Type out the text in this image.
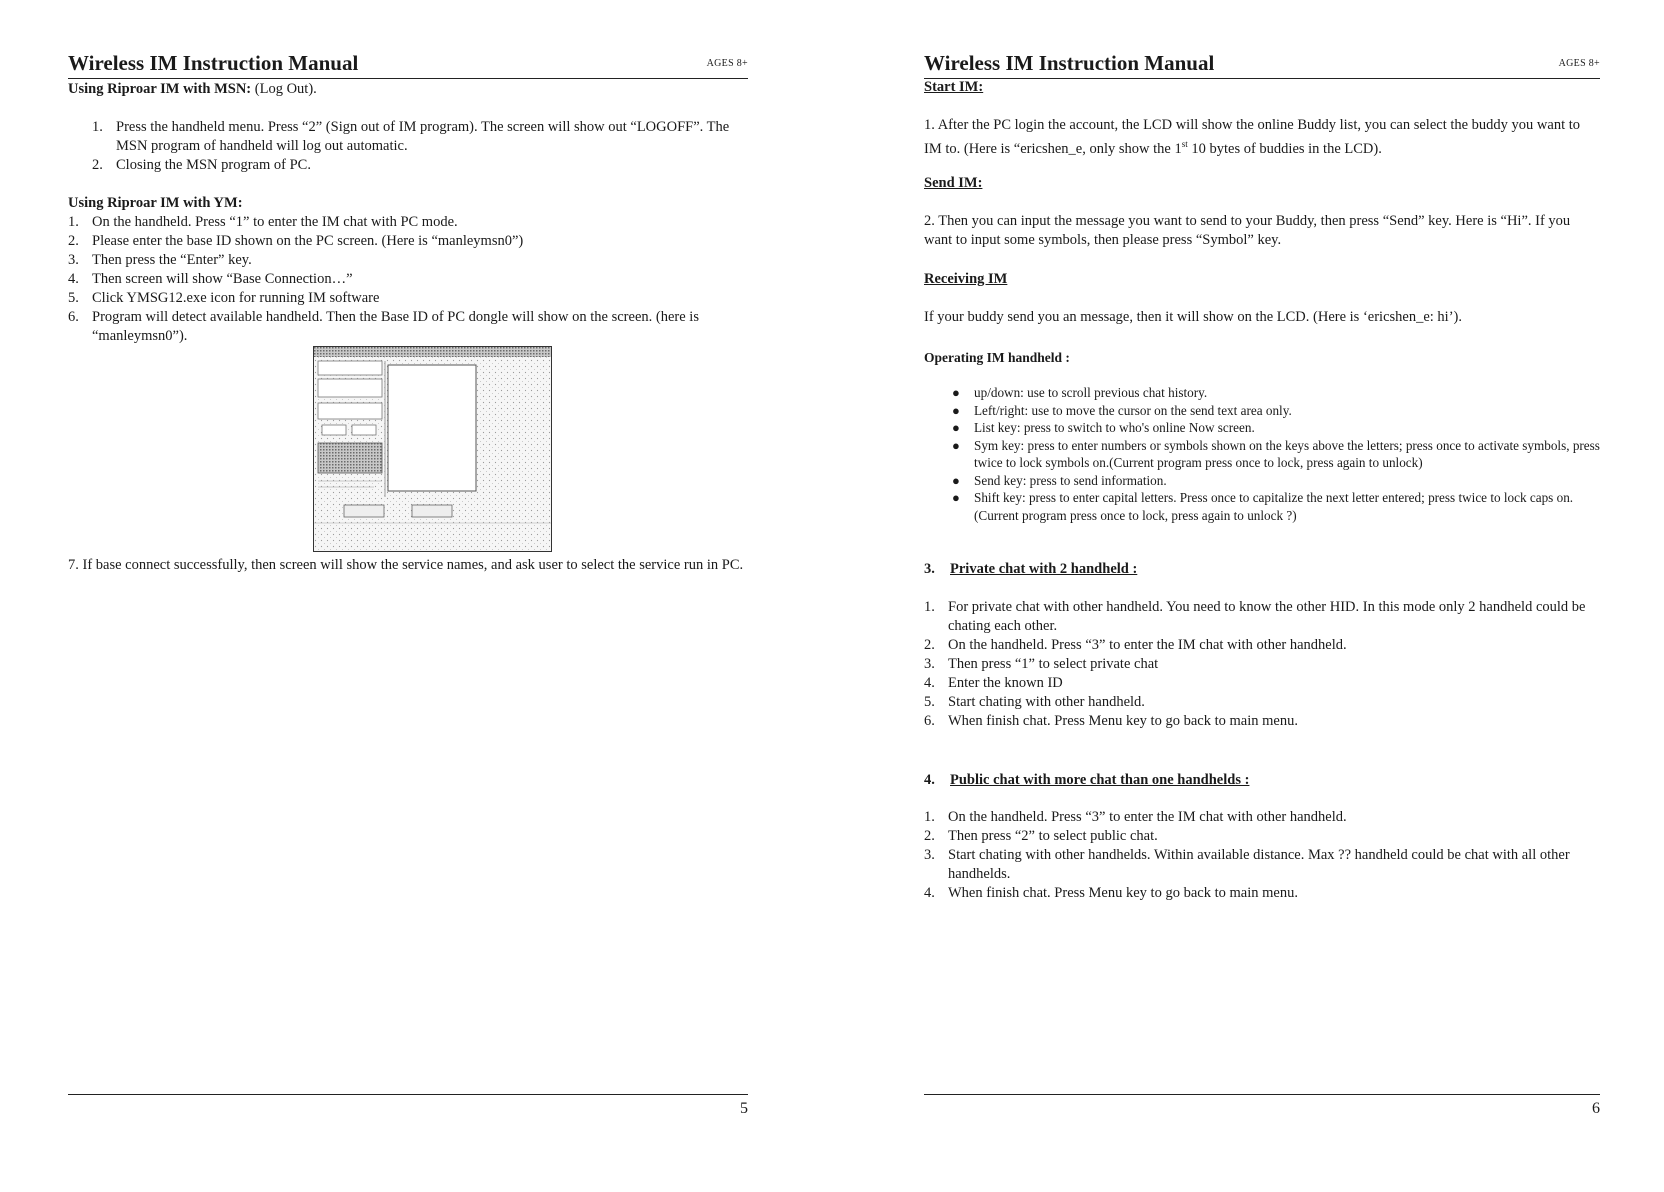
Wireless IM Instruction Manual	AGES 8+
Using Riproar IM with MSN: (Log Out).
1. Press the handheld menu. Press “2” (Sign out of IM program). The screen will show out “LOGOFF”. The MSN program of handheld will log out automatic.
2. Closing the MSN program of PC.
Using Riproar IM with YM:
1. On the handheld. Press “1” to enter the IM chat with PC mode.
2. Please enter the base ID shown on the PC screen. (Here is “manleymsn0”)
3. Then press the “Enter” key.
4. Then screen will show “Base Connection…”
5. Click YMSG12.exe icon for running IM software
6. Program will detect available handheld. Then the Base ID of PC dongle will show on the screen. (here is “manleymsn0”).
7. If base connect successfully, then screen will show the service names, and ask user to select the service run in PC.
5
Wireless IM Instruction Manual	AGES 8+
Start IM:

1. After the PC login the account, the LCD will show the online Buddy list, you can select the buddy you want to IM to. (Here is “ericshen_e, only show the 1st 10 bytes of buddies in the LCD).

Send IM:

2. Then you can input the message you want to send to your Buddy, then press “Send” key. Here is “Hi”. If you want to input some symbols, then please press “Symbol” key.

Receiving IM

If your buddy send you an message, then it will show on the LCD. (Here is ‘ericshen_e: hi’).

Operating IM handheld :
● up/down: use to scroll previous chat history.
● Left/right: use to move the cursor on the send text area only.
● List key: press to switch to who's online Now screen.
● Sym key: press to enter numbers or symbols shown on the keys above the letters; press once to activate symbols, press twice to lock symbols on.(Current program press once to lock, press again to unlock)
● Send key: press to send information.
● Shift key: press to enter capital letters. Press once to capitalize the next letter entered; press twice to lock caps on. (Current program press once to lock, press again to unlock ?)
3. Private chat with 2 handheld :
1. For private chat with other handheld. You need to know the other HID. In this mode only 2 handheld could be chating each other.
2. On the handheld. Press “3” to enter the IM chat with other handheld.
3. Then press “1” to select private chat
4. Enter the known ID
5. Start chating with other handheld.
6. When finish chat. Press Menu key to go back to main menu.
4. Public chat with more chat than one handhelds :
1. On the handheld. Press “3” to enter the IM chat with other handheld.
2. Then press “2” to select public chat.
3. Start chating with other handhelds. Within available distance. Max ?? handheld could be chat with all other handhelds.
4. When finish chat. Press Menu key to go back to main menu.
6
